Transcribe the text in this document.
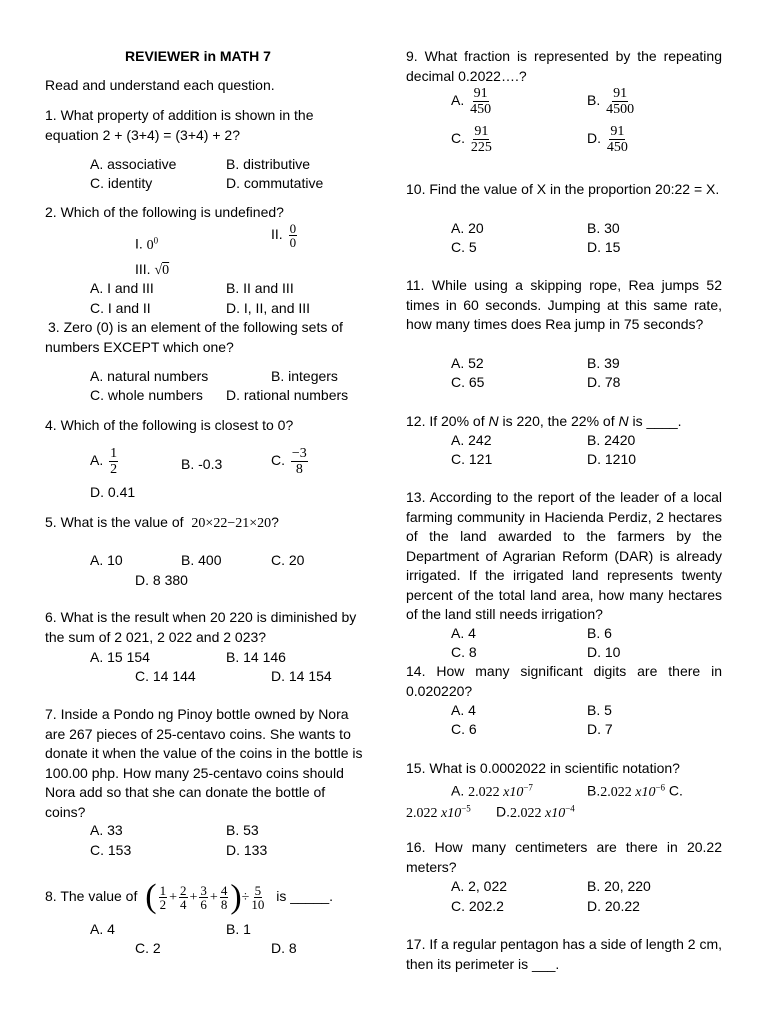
REVIEWER in MATH 7
Read and understand each question.
1. What property of addition is shown in the equation 2 + (3+4) = (3+4) + 2?
A. associative	B. distributive
C. identity	D. commutative
2. Which of the following is undefined?
I. $0^0$	II. $\frac{0}{0}$
III. √0
A. I and III	B. II and III
C. I and II	D. I, II, and III
3. Zero (0) is an element of the following sets of numbers EXCEPT which one?
A. natural numbers	B. integers
C. whole numbers D. rational numbers
4. Which of the following is closest to 0?
A. $\frac{1}{2}$	B. -0.3	C. $\frac{-3}{8}$
D. 0.41
5. What is the value of 20×22−21×20?
A. 10	B. 400	C. 20
D. 8 380
6. What is the result when 20 220 is diminished by the sum of 2 021, 2 022 and 2 023?
A. 15 154	B. 14 146
C. 14 144	D. 14 154
7. Inside a Pondo ng Pinoy bottle owned by Nora are 267 pieces of 25-centavo coins. She wants to donate it when the value of the coins in the bottle is 100.00 php. How many 25-centavo coins should Nora add so that she can donate the bottle of coins?
A. 33	B. 53
C. 153	D. 133
8. The value of ( $\frac{1}{2} + \frac{2}{4} + \frac{3}{6} + \frac{4}{8}$ )÷ $\frac{5}{10}$ is _____.
A. 4	B. 1
C. 2	D. 8
9. What fraction is represented by the repeating decimal 0.2022….?
A. $\frac{91}{450}$	B. $\frac{91}{4500}$
C. $\frac{91}{225}$	D. $\frac{91}{450}$
10. Find the value of X in the proportion 20:22 = X.
A. 20	B. 30
C. 5	D. 15
11. While using a skipping rope, Rea jumps 52 times in 60 seconds. Jumping at this same rate, how many times does Rea jump in 75 seconds?
A. 52	B. 39
C. 65	D. 78
12. If 20% of N is 220, the 22% of N is ____.
A. 242	B. 2420
C. 121	D. 1210
13. According to the report of the leader of a local farming community in Hacienda Perdiz, 2 hectares of the land awarded to the farmers by the Department of Agrarian Reform (DAR) is already irrigated. If the irrigated land represents twenty percent of the total land area, how many hectares of the land still needs irrigation?
A. 4	B. 6
C. 8	D. 10
14. How many significant digits are there in 0.020220?
A. 4	B. 5
C. 6	D. 7
15. What is 0.0002022 in scientific notation?
A. 2.022 $x10^{-7}$	B.2.022 $x10^{-6}$ C.
2.022 $x10^{-5}$ D.2.022 $x10^{-4}$
16. How many centimeters are there in 20.22 meters?
A. 2, 022	B. 20, 220
C. 202.2	D. 20.22
17. If a regular pentagon has a side of length 2 cm, then its perimeter is ___.
